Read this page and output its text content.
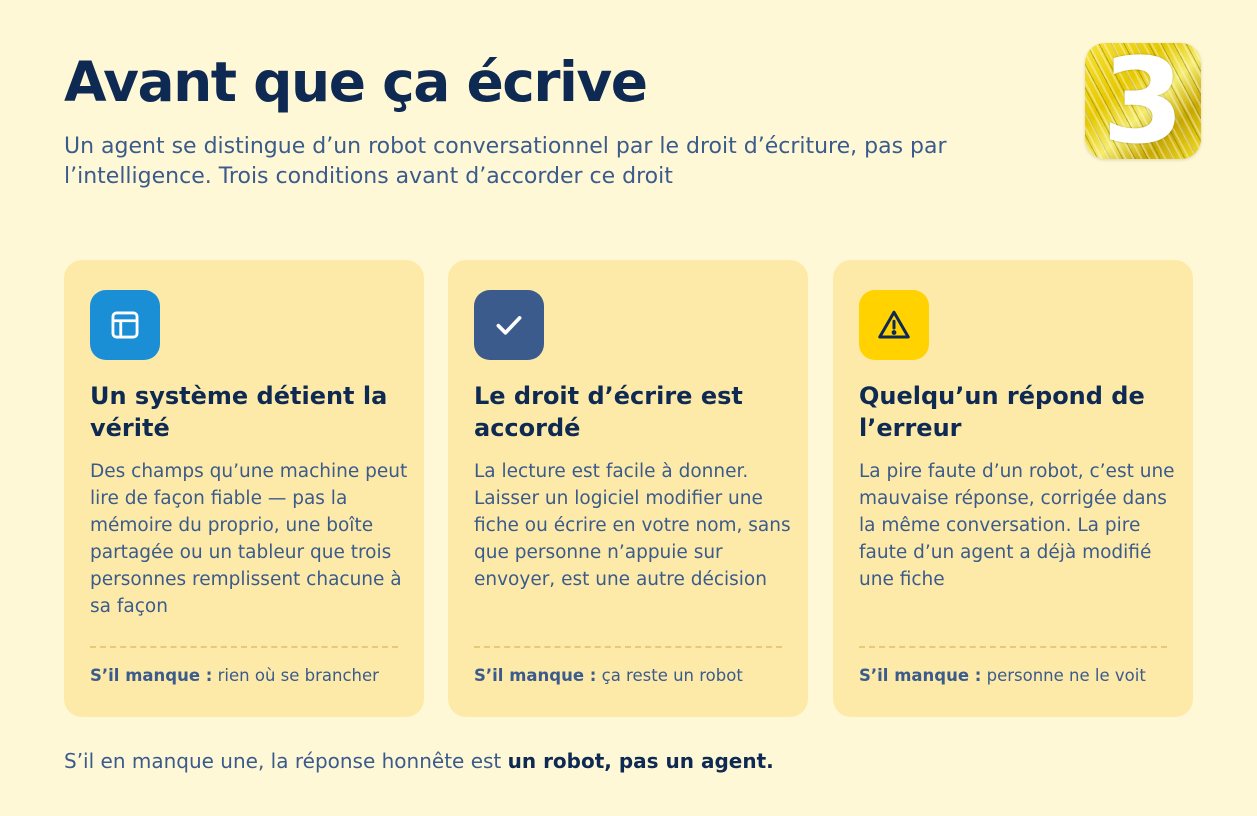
Avant que ça écrive

Un agent se distingue d’un robot conversationnel par le droit d’écriture, pas par l’intelligence. Trois conditions avant d’accorder ce droit

3
Un système détient la vérité

Des champs qu’une machine peut lire de façon fiable — pas la mémoire du proprio, une boîte partagée ou un tableur que trois personnes remplissent chacune à sa façon

S’il manque : rien où se brancher

Le droit d’écrire est accordé

La lecture est facile à donner. Laisser un logiciel modifier une fiche ou écrire en votre nom, sans que personne n’appuie sur envoyer, est une autre décision

S’il manque : ça reste un robot

Quelqu’un répond de l’erreur

La pire faute d’un robot, c’est une mauvaise réponse, corrigée dans la même conversation. La pire faute d’un agent a déjà modifié une fiche

S’il manque : personne ne le voit

S’il en manque une, la réponse honnête est un robot, pas un agent.
